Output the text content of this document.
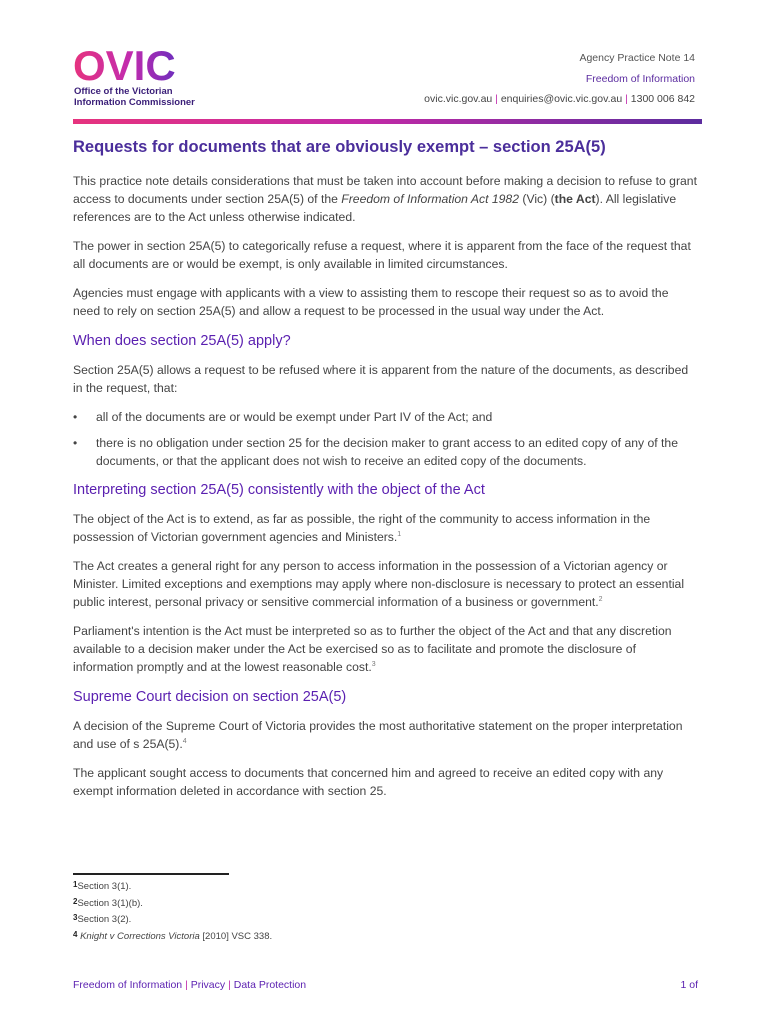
OVIC
Office of the Victorian
Information Commissioner
Agency Practice Note 14
Freedom of Information
ovic.vic.gov.au | enquiries@ovic.vic.gov.au | 1300 006 842
Requests for documents that are obviously exempt – section 25A(5)

This practice note details considerations that must be taken into account before making a decision to refuse to grant access to documents under section 25A(5) of the Freedom of Information Act 1982 (Vic) (the Act). All legislative references are to the Act unless otherwise indicated.

The power in section 25A(5) to categorically refuse a request, where it is apparent from the face of the request that all documents are or would be exempt, is only available in limited circumstances.

Agencies must engage with applicants with a view to assisting them to rescope their request so as to avoid the need to rely on section 25A(5) and allow a request to be processed in the usual way under the Act.

When does section 25A(5) apply?

Section 25A(5) allows a request to be refused where it is apparent from the nature of the documents, as described in the request, that:

• all of the documents are or would be exempt under Part IV of the Act; and
• there is no obligation under section 25 for the decision maker to grant access to an edited copy of any of the documents, or that the applicant does not wish to receive an edited copy of the documents.
Interpreting section 25A(5) consistently with the object of the Act

The object of the Act is to extend, as far as possible, the right of the community to access information in the possession of Victorian government agencies and Ministers.$^1$

The Act creates a general right for any person to access information in the possession of a Victorian agency or Minister. Limited exceptions and exemptions may apply where non-disclosure is necessary to protect an essential public interest, personal privacy or sensitive commercial information of a business or government.$^2$

Parliament's intention is the Act must be interpreted so as to further the object of the Act and that any discretion available to a decision maker under the Act be exercised so as to facilitate and promote the disclosure of information promptly and at the lowest reasonable cost.$^3$

Supreme Court decision on section 25A(5)

A decision of the Supreme Court of Victoria provides the most authoritative statement on the proper interpretation and use of s 25A(5).$^4$

The applicant sought access to documents that concerned him and agreed to receive an edited copy with any exempt information deleted in accordance with section 25.

$^1$Section 3(1).
$^2$Section 3(1)(b).
$^3$Section 3(2).
$^4$ Knight v Corrections Victoria [2010] VSC 338.
Freedom of Information | Privacy | Data Protection	1 of
